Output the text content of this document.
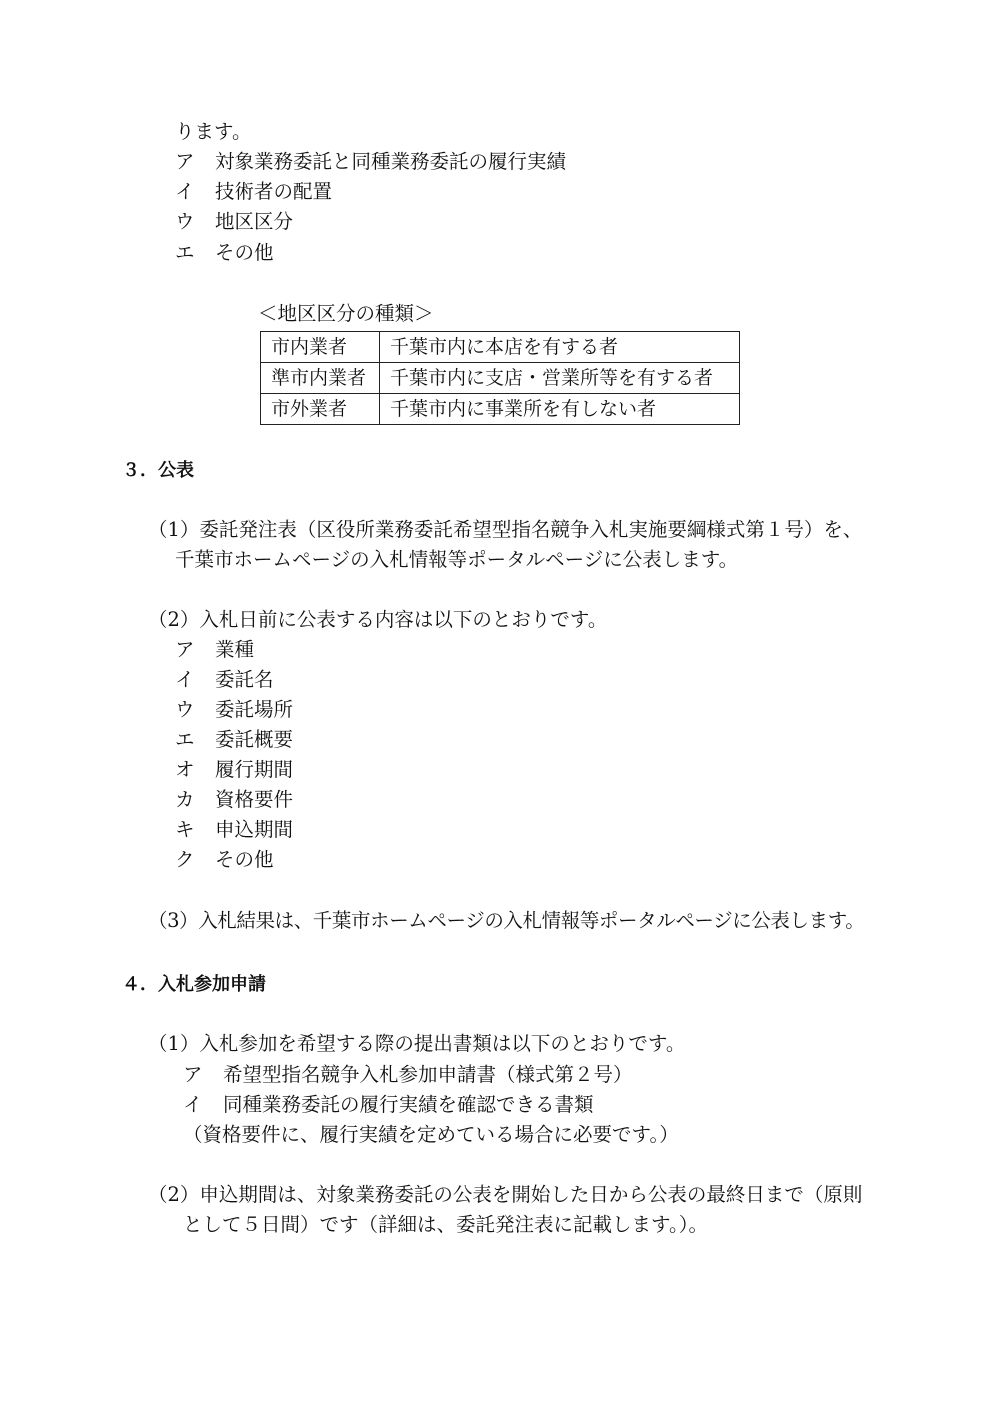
ります。
ア 対象業務委託と同種業務委託の履行実績
イ 技術者の配置
ウ 地区区分
エ その他
＜地区区分の種類＞
市内業者	千葉市内に本店を有する者
準市内業者	千葉市内に支店・営業所等を有する者
市外業者	千葉市内に事業所を有しない者
３．公表
（1）委託発注表（区役所業務委託希望型指名競争入札実施要綱様式第１号）を、
千葉市ホームページの入札情報等ポータルページに公表します。
（2）入札日前に公表する内容は以下のとおりです。
ア 業種
イ 委託名
ウ 委託場所
エ 委託概要
オ 履行期間
カ 資格要件
キ 申込期間
ク その他
（3）入札結果は、千葉市ホームページの入札情報等ポータルページに公表します。
４．入札参加申請
（1）入札参加を希望する際の提出書類は以下のとおりです。
ア 希望型指名競争入札参加申請書（様式第２号）
イ 同種業務委託の履行実績を確認できる書類
（資格要件に、履行実績を定めている場合に必要です。）
（2）申込期間は、対象業務委託の公表を開始した日から公表の最終日まで（原則
として５日間）です（詳細は、委託発注表に記載します。）。
